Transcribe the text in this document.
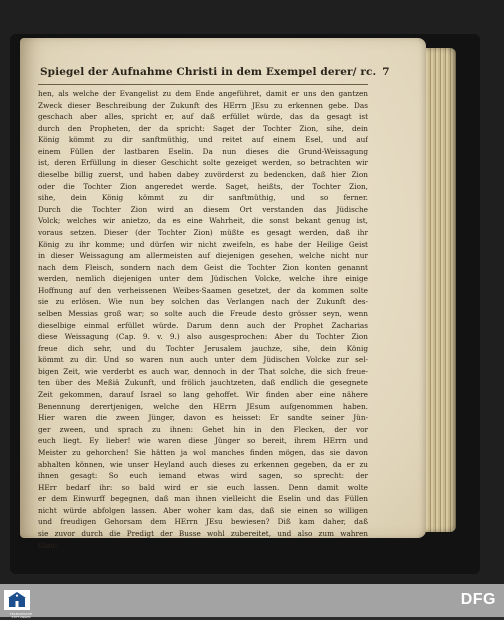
Spiegel der Aufnahme Christi in dem Exempel derer/ rc. 7
hen, als welche der Evangelist zu dem Ende angeführet, damit er uns den gantzen
Zweck dieser Beschreibung der Zukunft des HErrn JEsu zu erkennen gebe. Das
geschach aber alles, spricht er, auf daß erfüllet würde, das da gesagt ist
durch den Propheten, der da spricht: Saget der Tochter Zion, sihe, dein
König kömmt zu dir sanftmüthig, und reitet auf einem Esel, und auf
einem Füllen der lastbaren Eselin. Da nun dieses die Grund-Weissagung
ist, deren Erfüllung in dieser Geschicht solte gezeiget werden, so betrachten wir
dieselbe billig zuerst, und haben dabey zuvörderst zu bedencken, daß hier Zion
oder die Tochter Zion angeredet werde. Saget, heißts, der Tochter Zion,
sihe, dein König kömmt zu dir sanftmüthig, und so ferner.
Durch die Tochter Zion wird an diesem Ort verstanden das Jüdische
Volck; welches wir anietzo, da es eine Wahrheit, die sonst bekant genug ist,
voraus setzen. Dieser (der Tochter Zion) müßte es gesagt werden, daß ihr
König zu ihr komme; und dürfen wir nicht zweifeln, es habe der Heilige Geist
in dieser Weissagung am allermeisten auf diejenigen gesehen, welche nicht nur
nach dem Fleisch, sondern nach dem Geist die Tochter Zion konten genannt
werden, nemlich diejenigen unter dem Jüdischen Volcke, welche ihre einige
Hoffnung auf den verheissenen Weibes-Saamen gesetzet, der da kommen solte
sie zu erlösen. Wie nun bey solchen das Verlangen nach der Zukunft des-
selben Messias groß war; so solte auch die Freude desto grösser seyn, wenn
dieselbige einmal erfüllet würde. Darum denn auch der Prophet Zacharias
diese Weissagung (Cap. 9. v. 9.) also ausgesprochen: Aber du Tochter Zion
freue dich sehr, und du Tochter Jerusalem jauchze, sihe, dein König
kömmt zu dir. Und so waren nun auch unter dem Jüdischen Volcke zur sel-
bigen Zeit, wie verderbt es auch war, dennoch in der That solche, die sich freue-
ten über des Meßiä Zukunft, und frölich jauchtzeten, daß endlich die gesegnete
Zeit gekommen, darauf Israel so lang gehoffet. Wir finden aber eine nähere
Benennung derertjenigen, welche den HErrn JEsum aufgenommen haben.
Hier waren die zween Jünger, davon es heisset: Er sandte seiner Jün-
ger zween, und sprach zu ihnen: Gehet hin in den Flecken, der vor
euch liegt. Ey lieber! wie waren diese Jünger so bereit, ihrem HErrn und
Meister zu gehorchen! Sie hätten ja wol manches finden mögen, das sie davon
abhalten können, wie unser Heyland auch dieses zu erkennen gegeben, da er zu
ihnen gesagt: So euch iemand etwas wird sagen, so sprecht: der
HErr bedarf ihr: so bald wird er sie euch lassen. Denn damit wolte
er dem Einwurff begegnen, daß man ihnen vielleicht die Eselin und das Füllen
nicht würde abfolgen lassen. Aber woher kam das, daß sie einen so willigen
und freudigen Gehorsam dem HErrn JEsu bewiesen? Diß kam daher, daß
sie zuvor durch die Predigt der Busse wohl zubereitet, und also zum wahren
Glau-
FRANCKESCHE STIFTUNGEN
DFG
